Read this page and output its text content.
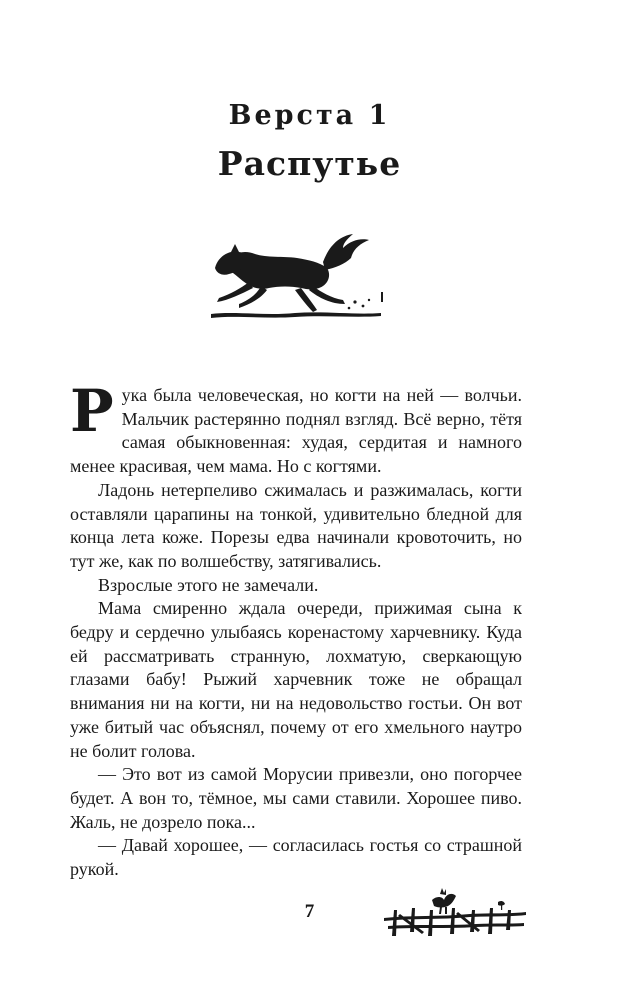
Верста 1
Распутье

Рука была человеческая, но когти на ней — волчьи. Мальчик растерянно поднял взгляд. Всё верно, тётя самая обыкновенная: худая, сердитая и намного менее красивая, чем мама. Но с когтями.

Ладонь нетерпеливо сжималась и разжималась, когти оставляли царапины на тонкой, удивительно бледной для конца лета коже. Порезы едва начинали кровоточить, но тут же, как по волшебству, затягивались.

Взрослые этого не замечали.

Мама смиренно ждала очереди, прижимая сына к бедру и сердечно улыбаясь коренастому харчевнику. Куда ей рассматривать странную, лохматую, сверкающую глазами бабу! Рыжий харчевник тоже не обращал внимания ни на когти, ни на недовольство гостьи. Он вот уже битый час объяснял, почему от его хмельного наутро не болит голова.

— Это вот из самой Морусии привезли, оно погорчее будет. А вон то, тёмное, мы сами ставили. Хорошее пиво. Жаль, не дозрело пока...

— Давай хорошее, — согласилась гостья со страшной рукой.

7
